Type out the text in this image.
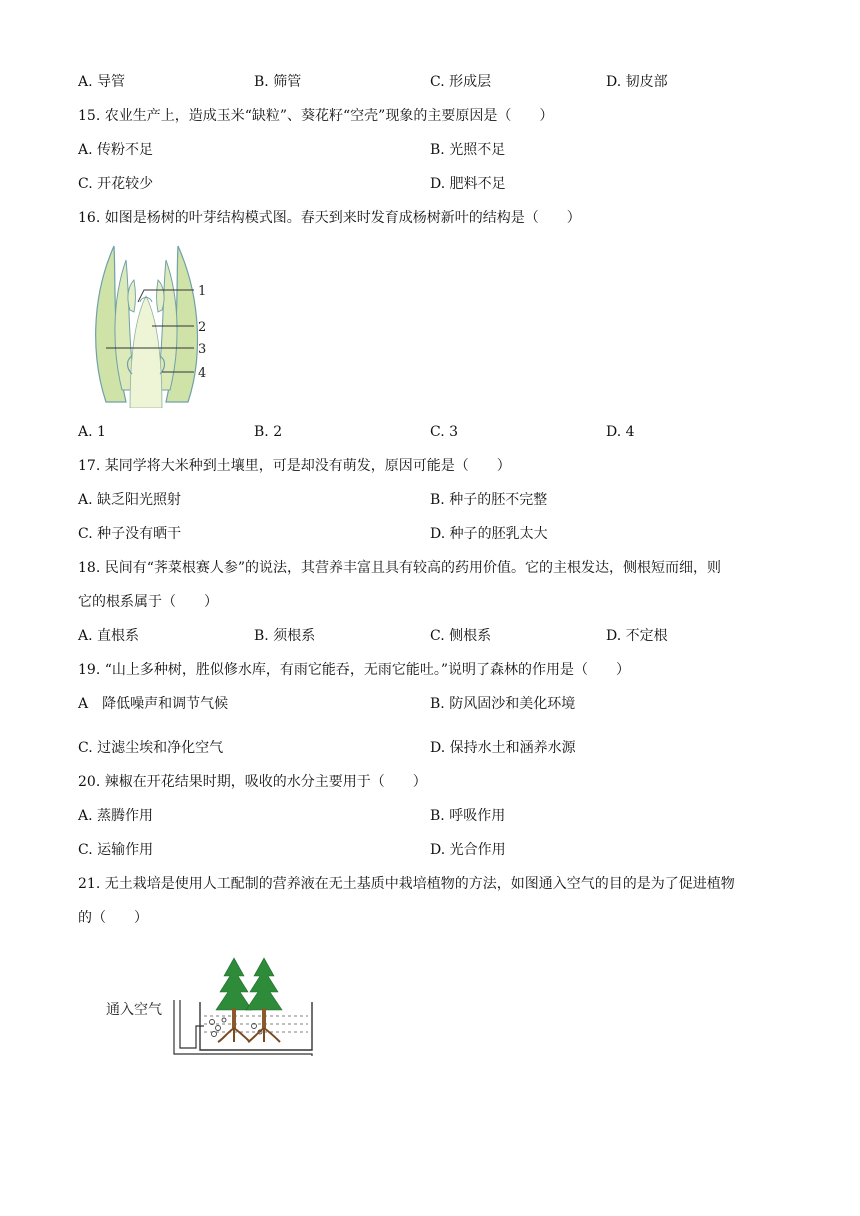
A. 导管	B. 筛管	C. 形成层	D. 韧皮部
15. 农业生产上，造成玉米“缺粒”、葵花籽“空壳”现象的主要原因是（　　）
A. 传粉不足	B. 光照不足
C. 开花较少	D. 肥料不足
16. 如图是杨树的叶芽结构模式图。春天到来时发育成杨树新叶的结构是（　　）
1
2
3
4
A. 1	B. 2	C. 3	D. 4
17. 某同学将大米种到土壤里，可是却没有萌发，原因可能是（　　）
A. 缺乏阳光照射	B. 种子的胚不完整
C. 种子没有晒干	D. 种子的胚乳太大
18. 民间有“荠菜根赛人参”的说法，其营养丰富且具有较高的药用价值。它的主根发达，侧根短而细，则
它的根系属于（　　）
A. 直根系	B. 须根系	C. 侧根系	D. 不定根
19. “山上多种树，胜似修水库，有雨它能吞，无雨它能吐。”说明了森林的作用是（　　）
A　降低噪声和调节气候	B. 防风固沙和美化环境
C. 过滤尘埃和净化空气	D. 保持水土和涵养水源
20. 辣椒在开花结果时期，吸收的水分主要用于（　　）
A. 蒸腾作用	B. 呼吸作用
C. 运输作用	D. 光合作用
21. 无土栽培是使用人工配制的营养液在无土基质中栽培植物的方法，如图通入空气的目的是为了促进植物
的（　　）
通入空气
